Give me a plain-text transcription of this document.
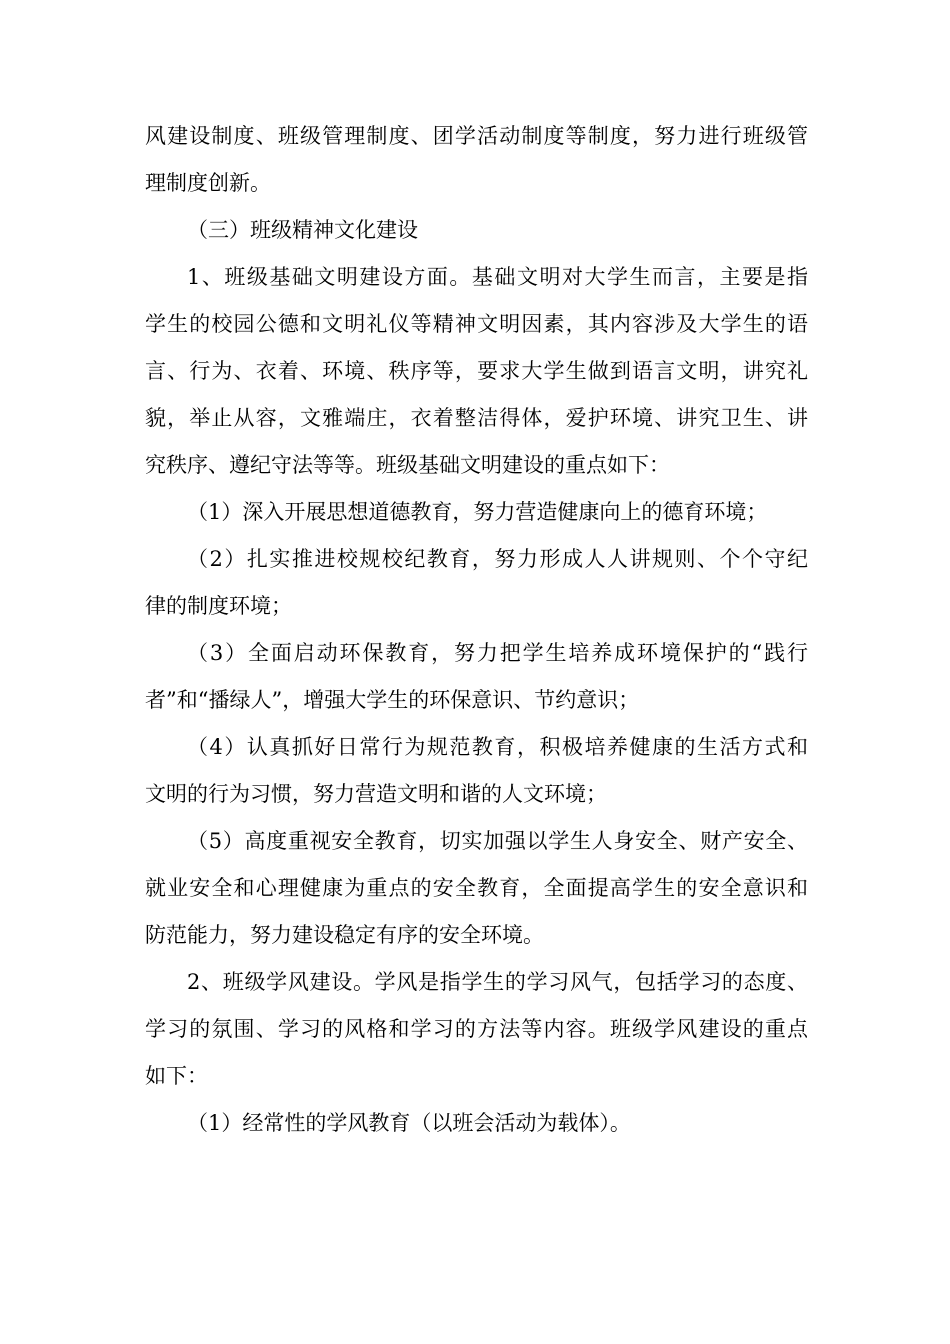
风建设制度、班级管理制度、团学活动制度等制度，努力进行班级管
理制度创新。
（三）班级精神文化建设
1、班级基础文明建设方面。基础文明对大学生而言，主要是指
学生的校园公德和文明礼仪等精神文明因素，其内容涉及大学生的语
言、行为、衣着、环境、秩序等，要求大学生做到语言文明，讲究礼
貌，举止从容，文雅端庄，衣着整洁得体，爱护环境、讲究卫生、讲
究秩序、遵纪守法等等。班级基础文明建设的重点如下：
（1）深入开展思想道德教育，努力营造健康向上的德育环境；
（2）扎实推进校规校纪教育，努力形成人人讲规则、个个守纪
律的制度环境；
（3）全面启动环保教育，努力把学生培养成环境保护的“践行
者”和“播绿人”，增强大学生的环保意识、节约意识；
（4）认真抓好日常行为规范教育，积极培养健康的生活方式和
文明的行为习惯，努力营造文明和谐的人文环境；
（5）高度重视安全教育，切实加强以学生人身安全、财产安全、
就业安全和心理健康为重点的安全教育，全面提高学生的安全意识和
防范能力，努力建设稳定有序的安全环境。
2、班级学风建设。学风是指学生的学习风气，包括学习的态度、
学习的氛围、学习的风格和学习的方法等内容。班级学风建设的重点
如下：
（1）经常性的学风教育（以班会活动为载体）。
